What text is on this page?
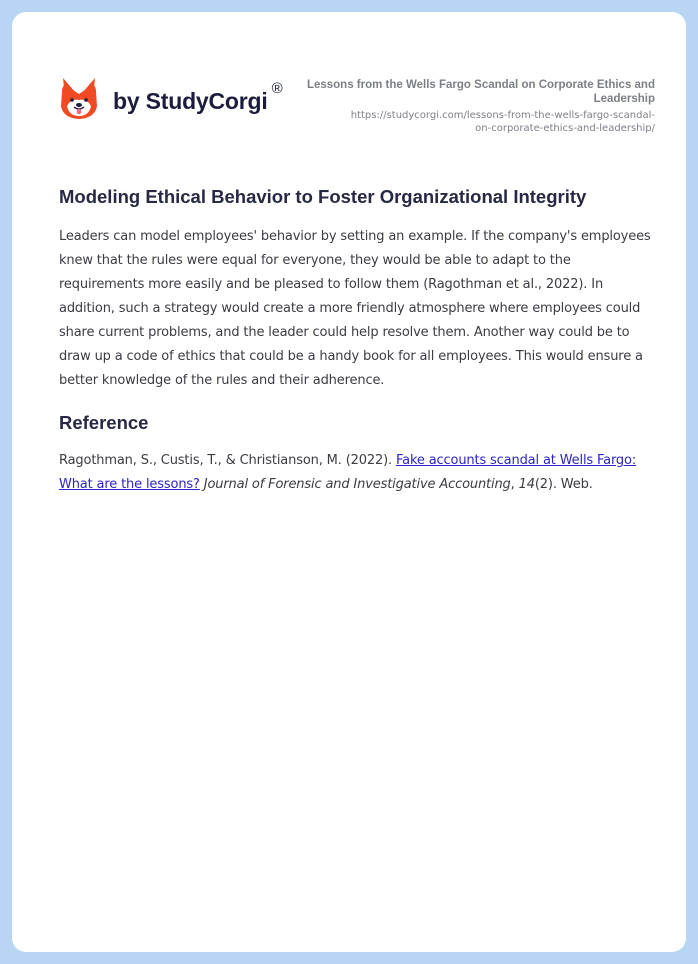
by StudyCorgi ®	Lessons from the Wells Fargo Scandal on Corporate Ethics and Leadership
https://studycorgi.com/lessons-from-the-wells-fargo-scandal-
on-corporate-ethics-and-leadership/
Modeling Ethical Behavior to Foster Organizational Integrity

Leaders can model employees' behavior by setting an example. If the company's employees knew that the rules were equal for everyone, they would be able to adapt to the requirements more easily and be pleased to follow them (Ragothman et al., 2022). In addition, such a strategy would create a more friendly atmosphere where employees could share current problems, and the leader could help resolve them. Another way could be to draw up a code of ethics that could be a handy book for all employees. This would ensure a better knowledge of the rules and their adherence.

Reference

Ragothman, S., Custis, T., & Christianson, M. (2022). Fake accounts scandal at Wells Fargo: What are the lessons? Journal of Forensic and Investigative Accounting, 14(2). Web.
